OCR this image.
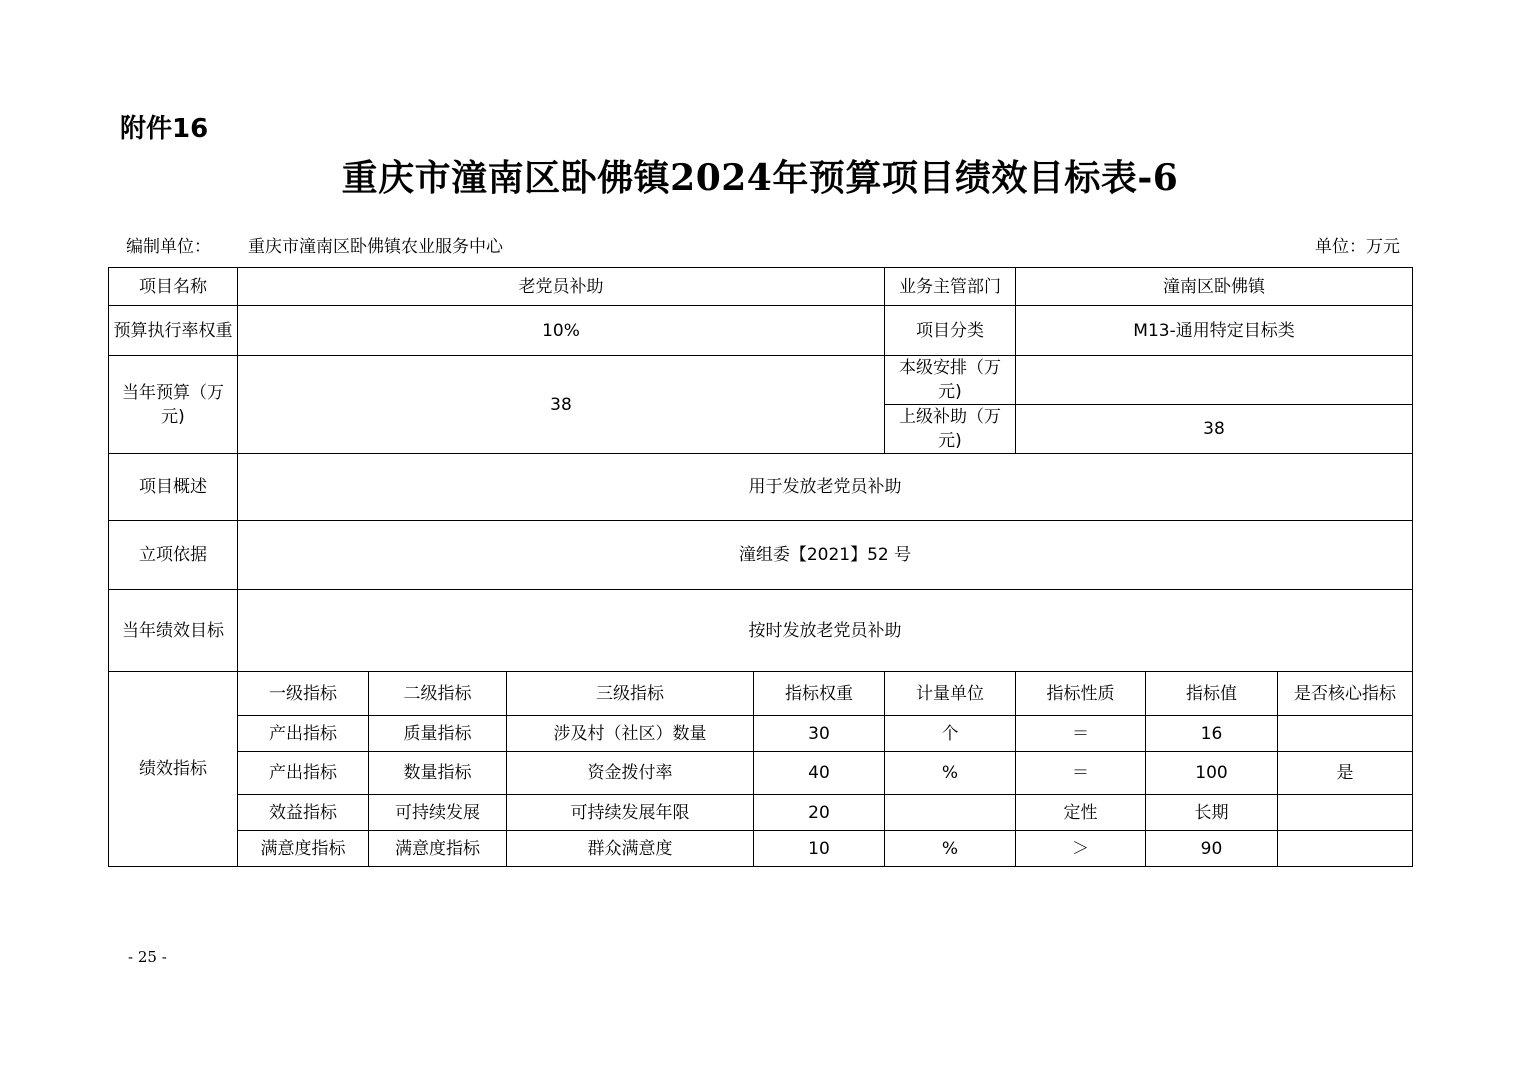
附件16
重庆市潼南区卧佛镇2024年预算项目绩效目标表-6
编制单位： 重庆市潼南区卧佛镇农业服务中心	单位：万元
项目名称	老党员补助				业务主管部门	潼南区卧佛镇		
预算执行率权重	10%				项目分类	M13-通用特定目标类		
当年预算（万元)	38				本级安排（万元)			
					上级补助（万元)	38		
项目概述	用于发放老党员补助							
立项依据	潼组委【2021】52 号							
当年绩效目标	按时发放老党员补助							
绩效指标	一级指标	二级指标	三级指标	指标权重	计量单位	指标性质	指标值	是否核心指标
	产出指标	质量指标	涉及村（社区）数量	30	个	＝	16	
	产出指标	数量指标	资金拨付率	40	%	＝	100	是
	效益指标	可持续发展	可持续发展年限	20		定性	长期	
	满意度指标	满意度指标	群众满意度	10	%	＞	90	
- 25 -
